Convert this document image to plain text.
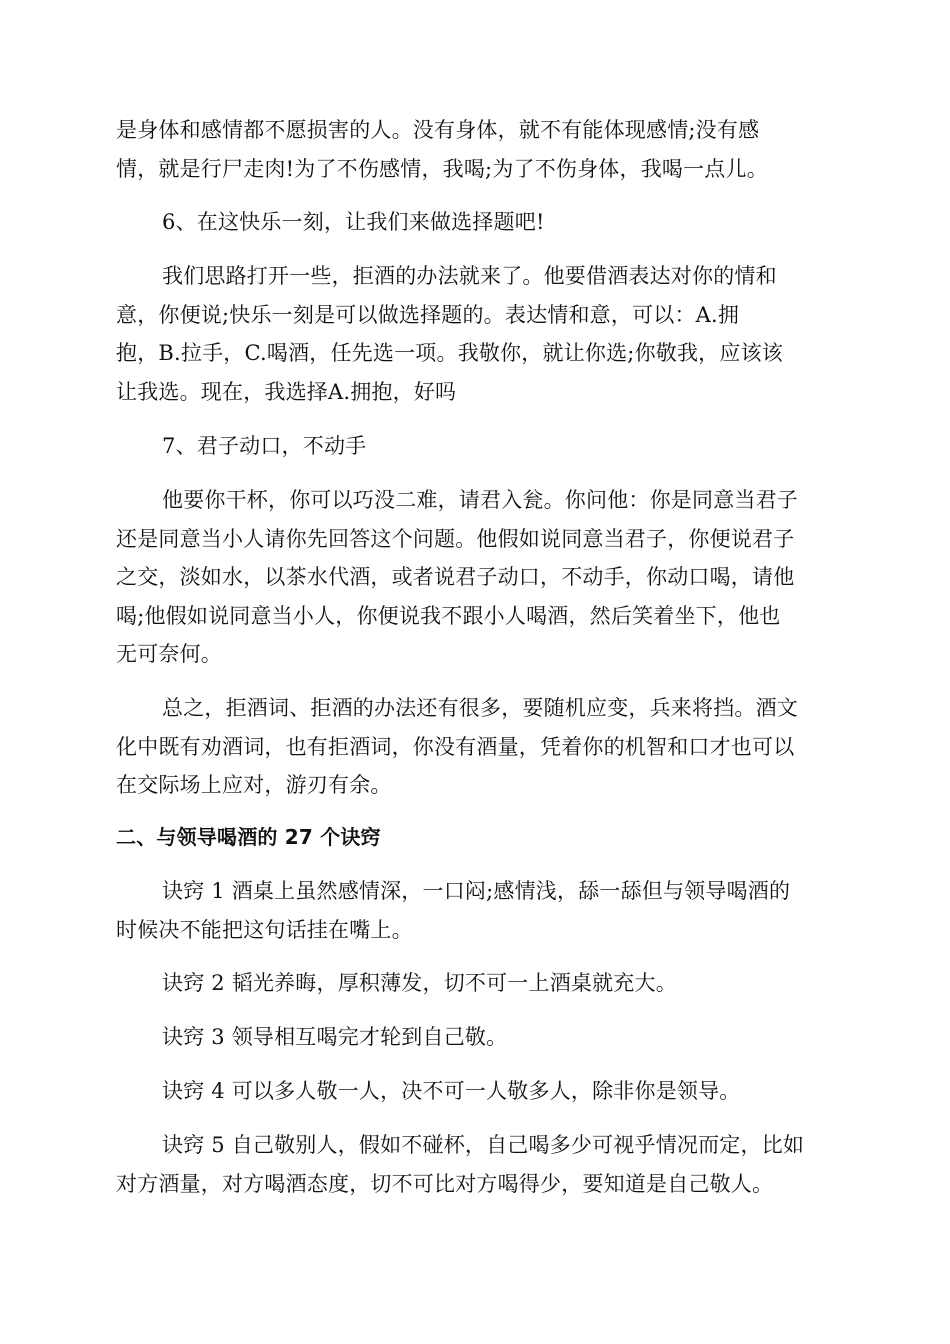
是身体和感情都不愿损害的人。没有身体，就不有能体现感情;没有感
情，就是行尸走肉!为了不伤感情，我喝;为了不伤身体，我喝一点儿。
6、在这快乐一刻，让我们来做选择题吧!
我们思路打开一些，拒酒的办法就来了。他要借酒表达对你的情和
意，你便说;快乐一刻是可以做选择题的。表达情和意，可以：A.拥
抱，B.拉手，C.喝酒，任先选一项。我敬你，就让你选;你敬我，应该该
让我选。现在，我选择A.拥抱，好吗
7、君子动口，不动手
他要你干杯，你可以巧没二难，请君入瓮。你问他：你是同意当君子
还是同意当小人请你先回答这个问题。他假如说同意当君子，你便说君子
之交，淡如水，以茶水代酒，或者说君子动口，不动手，你动口喝，请他
喝;他假如说同意当小人，你便说我不跟小人喝酒，然后笑着坐下，他也
无可奈何。
总之，拒酒词、拒酒的办法还有很多，要随机应变，兵来将挡。酒文
化中既有劝酒词，也有拒酒词，你没有酒量，凭着你的机智和口才也可以
在交际场上应对，游刃有余。
二、与领导喝酒的 27 个诀窍
诀窍 1 酒桌上虽然感情深，一口闷;感情浅，舔一舔但与领导喝酒的
时候决不能把这句话挂在嘴上。
诀窍 2 韬光养晦，厚积薄发，切不可一上酒桌就充大。
诀窍 3 领导相互喝完才轮到自己敬。
诀窍 4 可以多人敬一人，决不可一人敬多人，除非你是领导。
诀窍 5 自己敬别人，假如不碰杯，自己喝多少可视乎情况而定，比如
对方酒量，对方喝酒态度，切不可比对方喝得少，要知道是自己敬人。
